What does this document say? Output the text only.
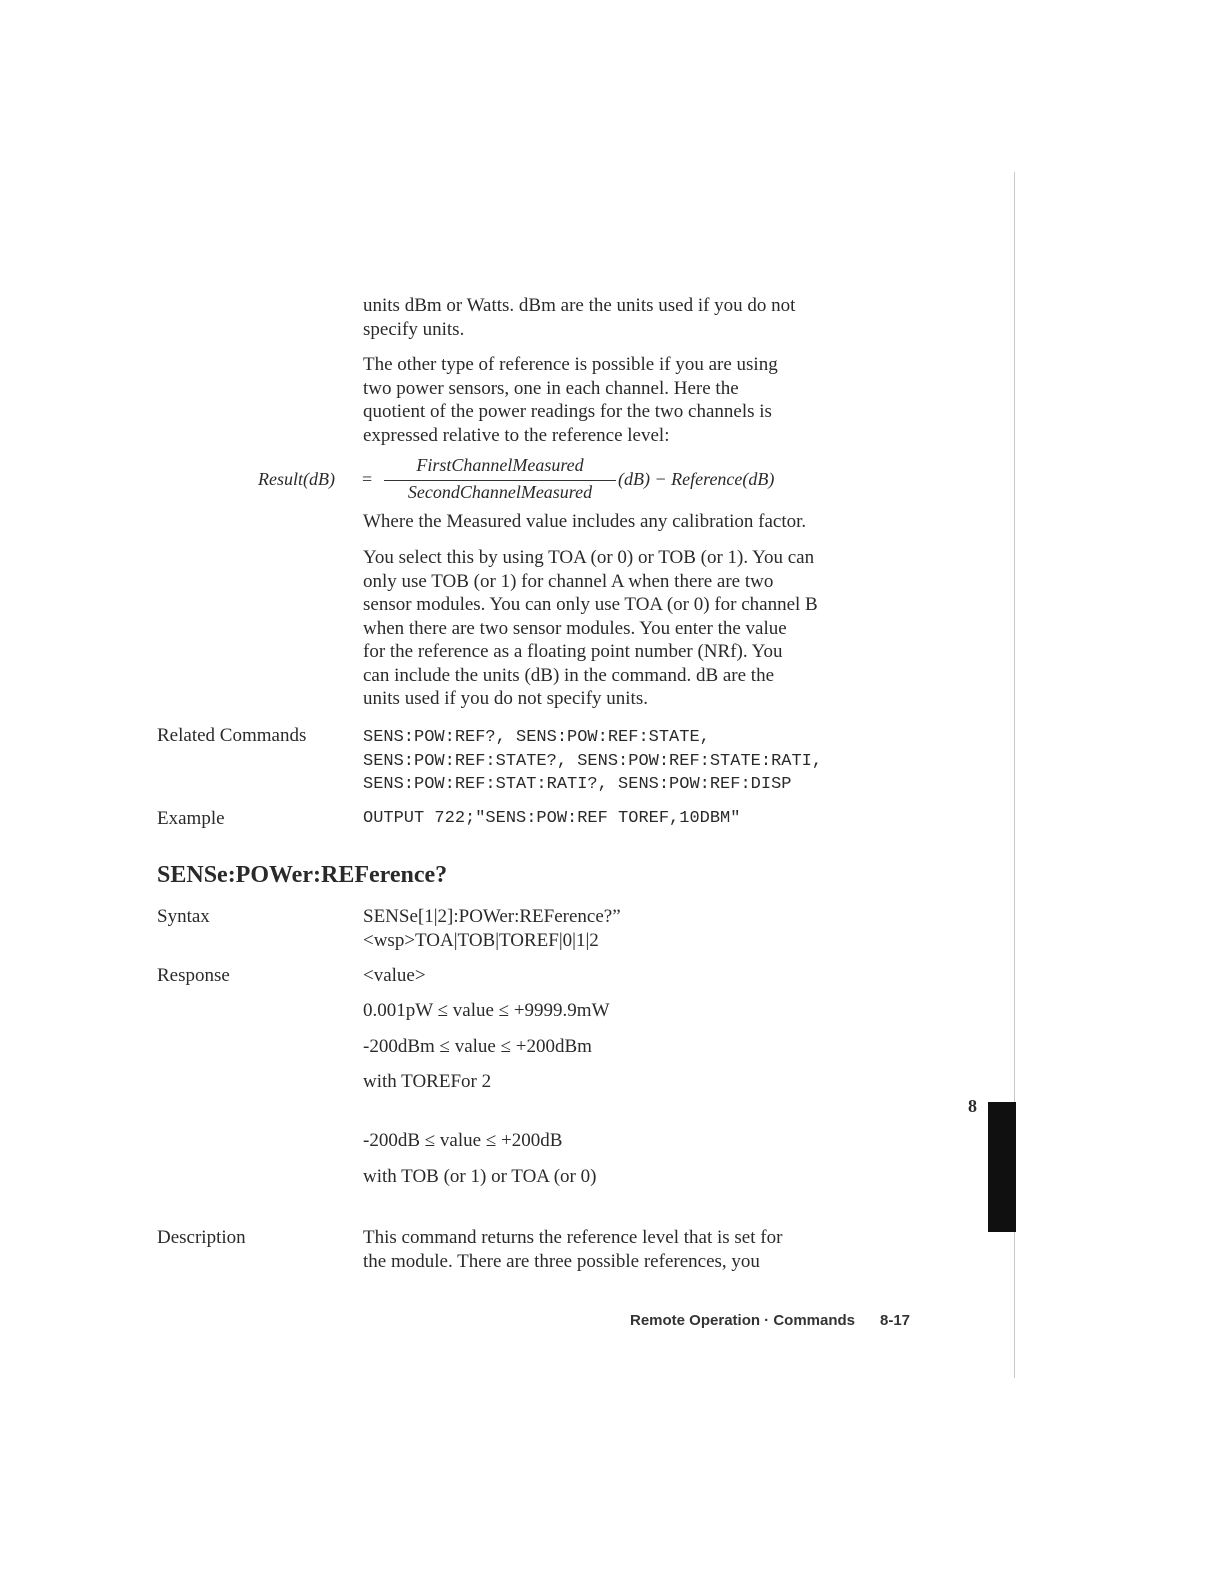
8
units dBm or Watts. dBm are the units used if you do not
specify units.
The other type of reference is possible if you are using
two power sensors, one in each channel. Here the
quotient of the power readings for the two channels is
expressed relative to the reference level:
Result(dB) =
FirstChannelMeasured
SecondChannelMeasured
(dB) − Reference(dB)
Where the Measured value includes any calibration factor.
You select this by using TOA (or 0) or TOB (or 1). You can
only use TOB (or 1) for channel A when there are two
sensor modules. You can only use TOA (or 0) for channel B
when there are two sensor modules. You enter the value
for the reference as a floating point number (NRf). You
can include the units (dB) in the command. dB are the
units used if you do not specify units.
Related Commands	SENS:POW:REF?, SENS:POW:REF:STATE,
SENS:POW:REF:STATE?, SENS:POW:REF:STATE:RATI,
SENS:POW:REF:STAT:RATI?, SENS:POW:REF:DISP
Example	OUTPUT 722;"SENS:POW:REF TOREF,10DBM"
SENSe:POWer:REFerence?
Syntax	SENSe[1|2]:POWer:REFerence?”
<wsp>TOA|TOB|TOREF|0|1|2
Response	<value>
0.001pW ≤ value ≤ +9999.9mW
-200dBm ≤ value ≤ +200dBm
with TOREFor 2
-200dB ≤ value ≤ +200dB
with TOB (or 1) or TOA (or 0)
Description	This command returns the reference level that is set for
the module. There are three possible references, you
Remote Operation · Commands 8-17
